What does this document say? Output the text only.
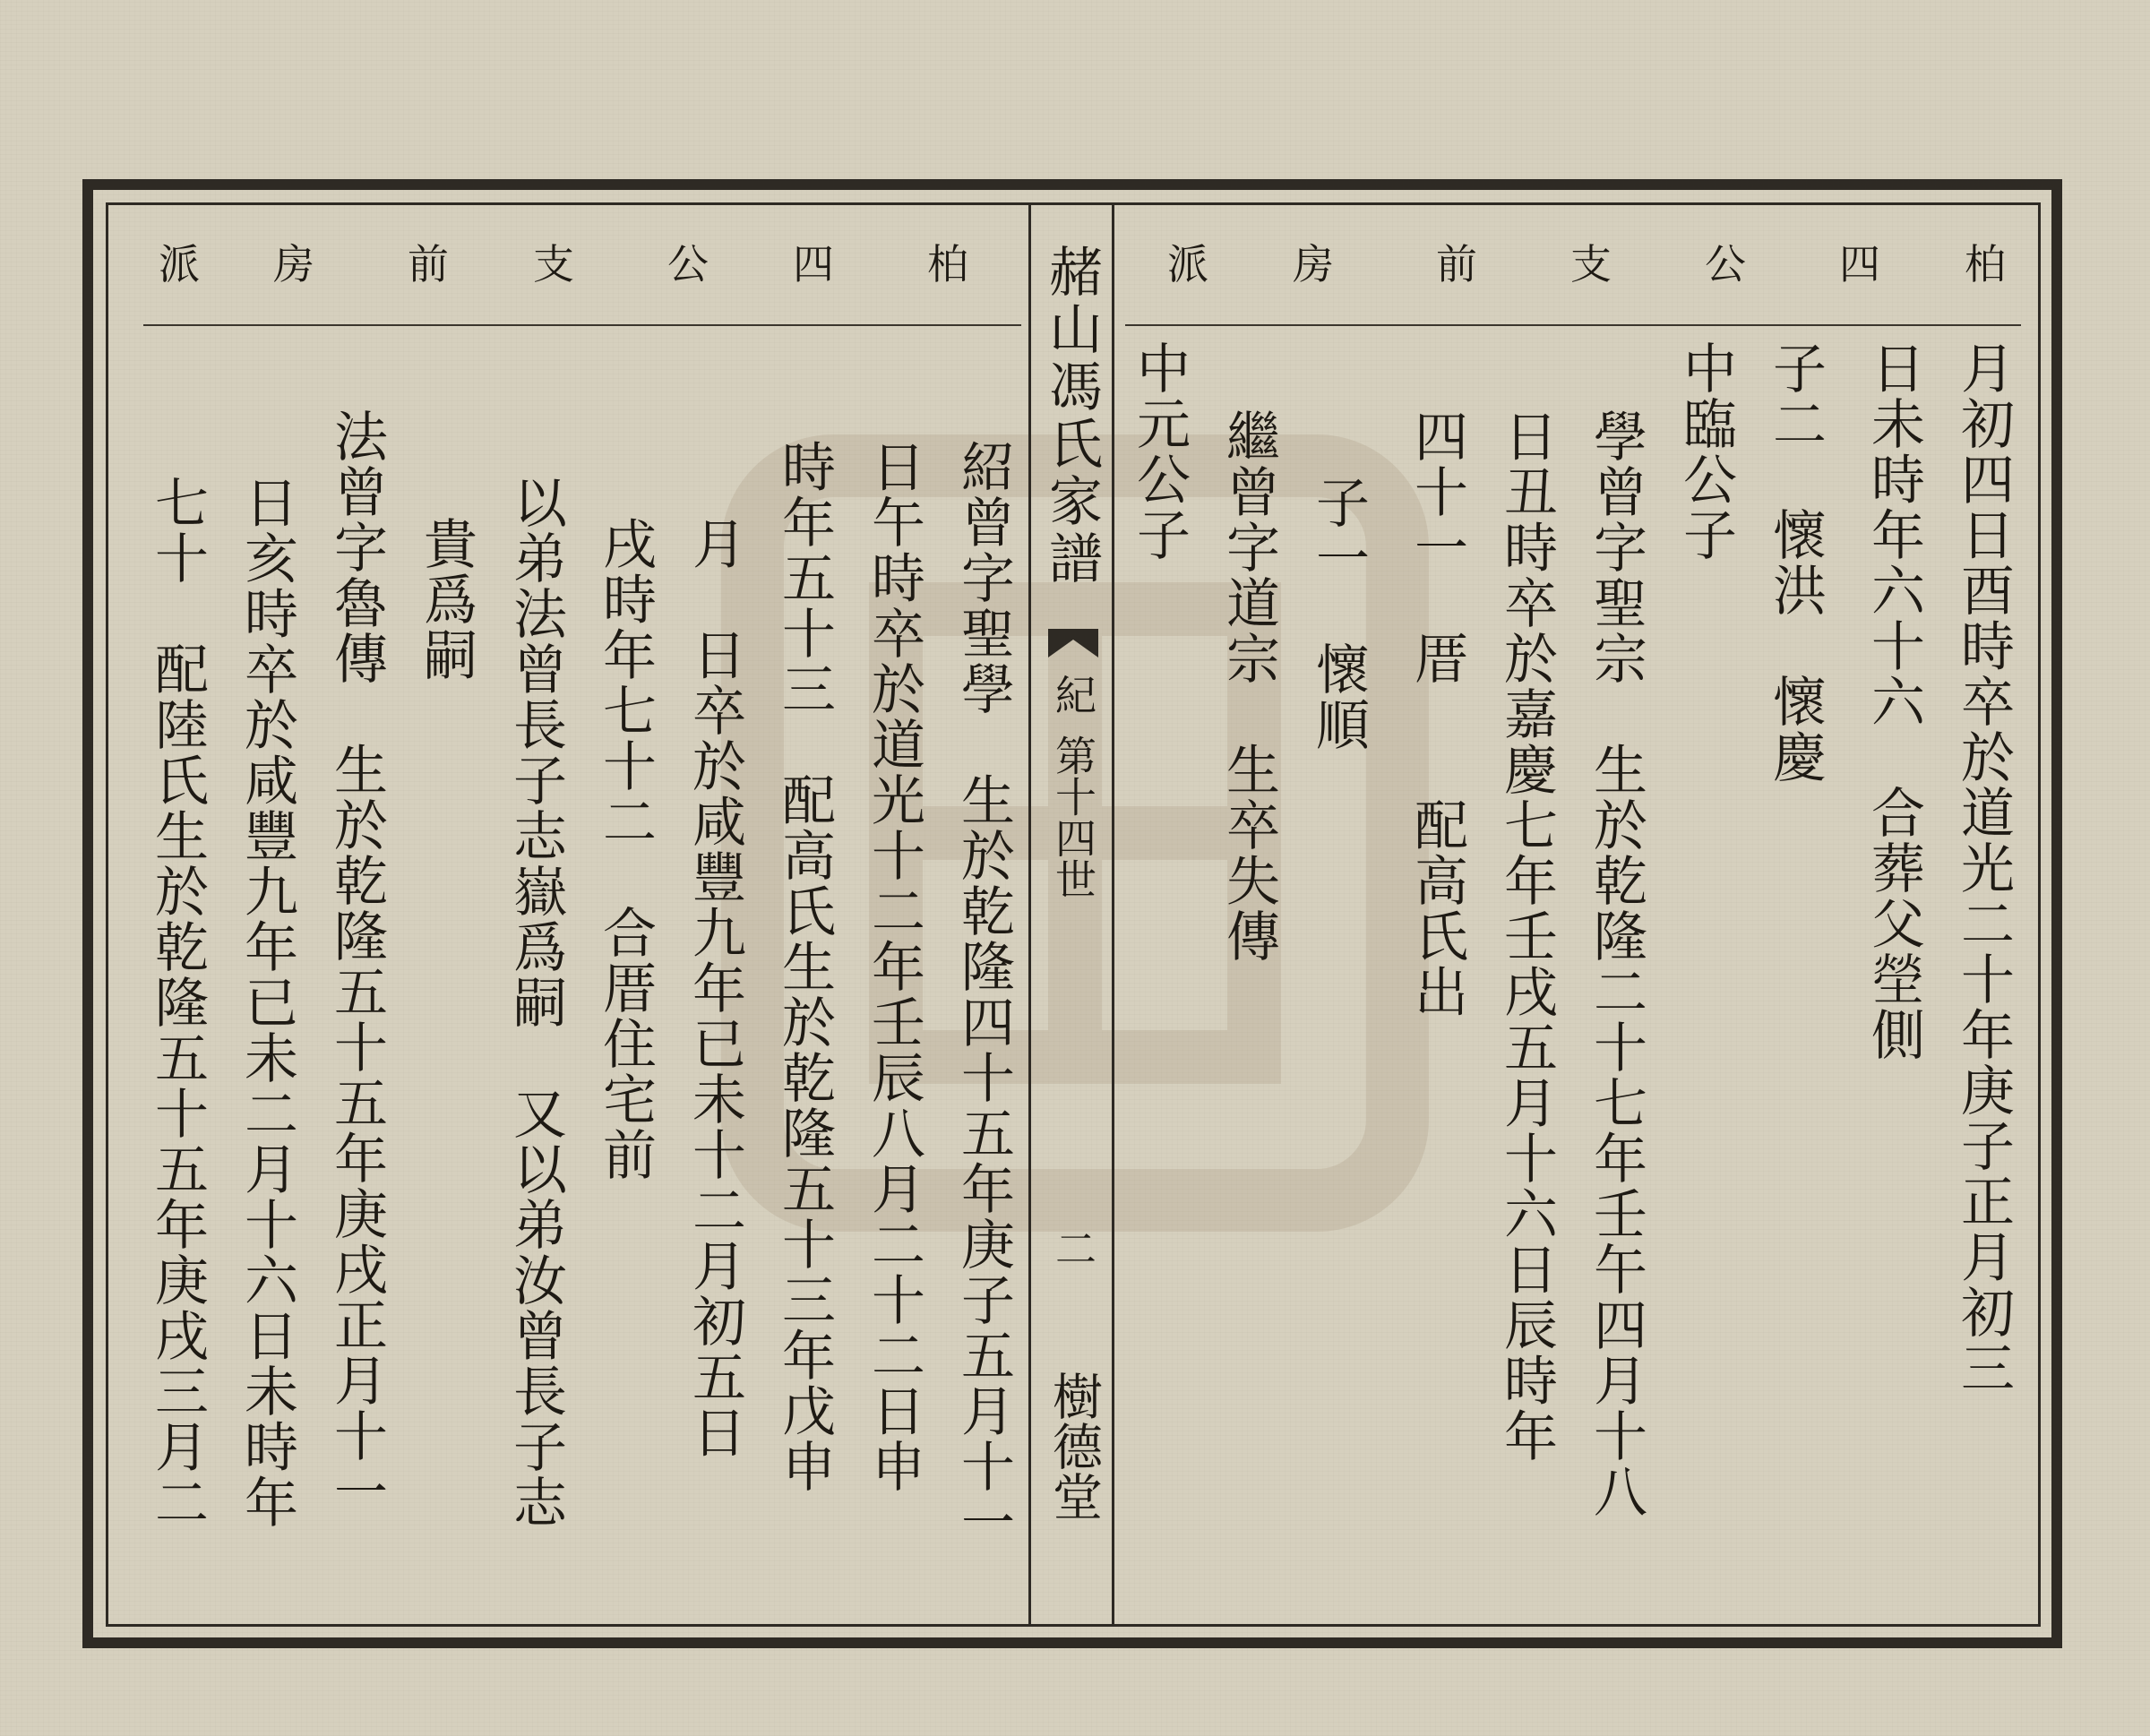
派 房 前 支 公 四 柏	派 房 前 支 公 四 柏
赭山馮氏家譜
紀
第十四世
二
樹德堂
月初四日酉時卒於道光二十年庚子正月初三
日未時年六十六　合葬父塋側
子二　懷洪　懷慶
中臨公子
學曾字聖宗　生於乾隆二十七年壬午四月十八
日丑時卒於嘉慶七年壬戌五月十六日辰時年
四十一　厝　　配高氏出
子一　懷順
繼曾字道宗　生卒失傳
中元公子
紹曾字聖學　生於乾隆四十五年庚子五月十一
日午時卒於道光十二年壬辰八月二十二日申
時年五十三　配高氏生於乾隆五十三年戊申
月　日卒於咸豐九年已未十二月初五日
戌時年七十二　合厝住宅前
以弟法曾長子志嶽爲嗣　又以弟汝曾長子志
貴爲嗣
法曾字魯傳　生於乾隆五十五年庚戌正月十一
日亥時卒於咸豐九年已未二月十六日未時年
七十　配陸氏生於乾隆五十五年庚戌三月二
